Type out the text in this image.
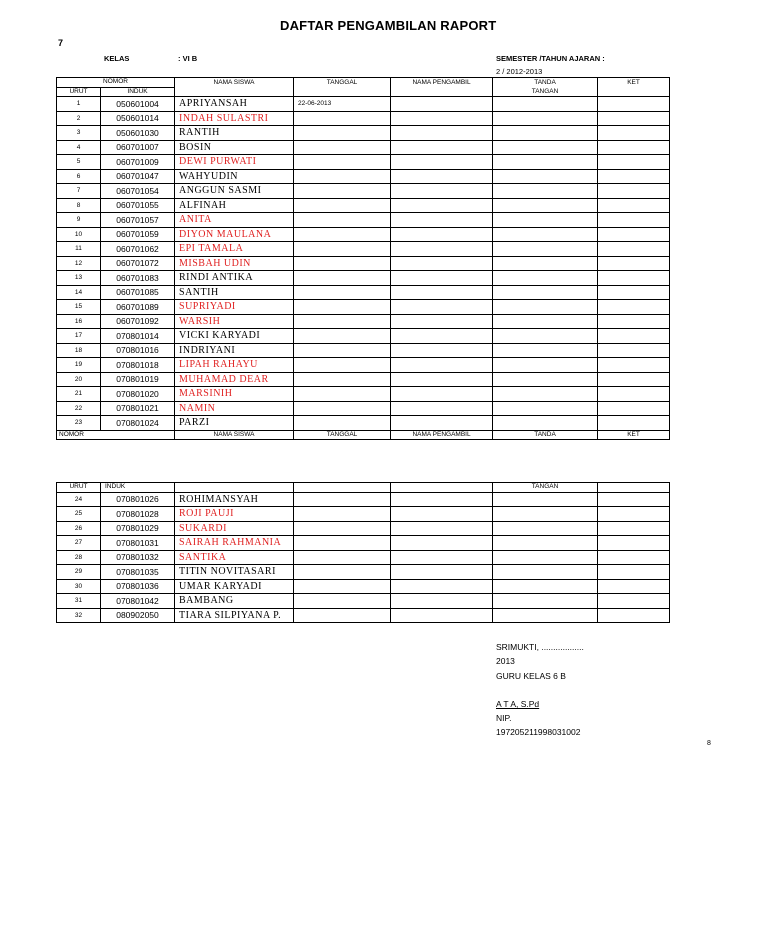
DAFTAR PENGAMBILAN RAPORT
7
KELAS	: VI B	SEMESTER /TAHUN AJARAN :
2 / 2012-2013
NOMOR		NAMA SISWA	TANGGAL	NAMA PENGAMBIL	TANDA	KET
URUT	INDUK				TANGAN	
1	050601004	APRIYANSAH	22-06-2013			
2	050601014	INDAH SULASTRI				
3	050601030	RANTIH				
4	060701007	BOSIN				
5	060701009	DEWI PURWATI				
6	060701047	WAHYUDIN				
7	060701054	ANGGUN SASMI				
8	060701055	ALFINAH				
9	060701057	ANITA				
10	060701059	DIYON MAULANA				
11	060701062	EPI TAMALA				
12	060701072	MISBAH UDIN				
13	060701083	RINDI ANTIKA				
14	060701085	SANTIH				
15	060701089	SUPRIYADI				
16	060701092	WARSIH				
17	070801014	VICKI KARYADI				
18	070801016	INDRIYANI				
19	070801018	LIPAH RAHAYU				
20	070801019	MUHAMAD DEAR				
21	070801020	MARSINIH				
22	070801021	NAMIN				
23	070801024	PARZI				
NOMOR		NAMA SISWA	TANGGAL	NAMA PENGAMBIL	TANDA	KET
URUT	INDUK				TANGAN	
24	070801026	ROHIMANSYAH				
25	070801028	ROJI PAUJI				
26	070801029	SUKARDI				
27	070801031	SAIRAH RAHMANIA				
28	070801032	SANTIKA				
29	070801035	TITIN NOVITASARI				
30	070801036	UMAR KARYADI				
31	070801042	BAMBANG				
32	080902050	TIARA SILPIYANA P.				
SRIMUKTI, ..................
2013
GURU KELAS 6 B
A T A, S.Pd
NIP.
197205211998031002
8
